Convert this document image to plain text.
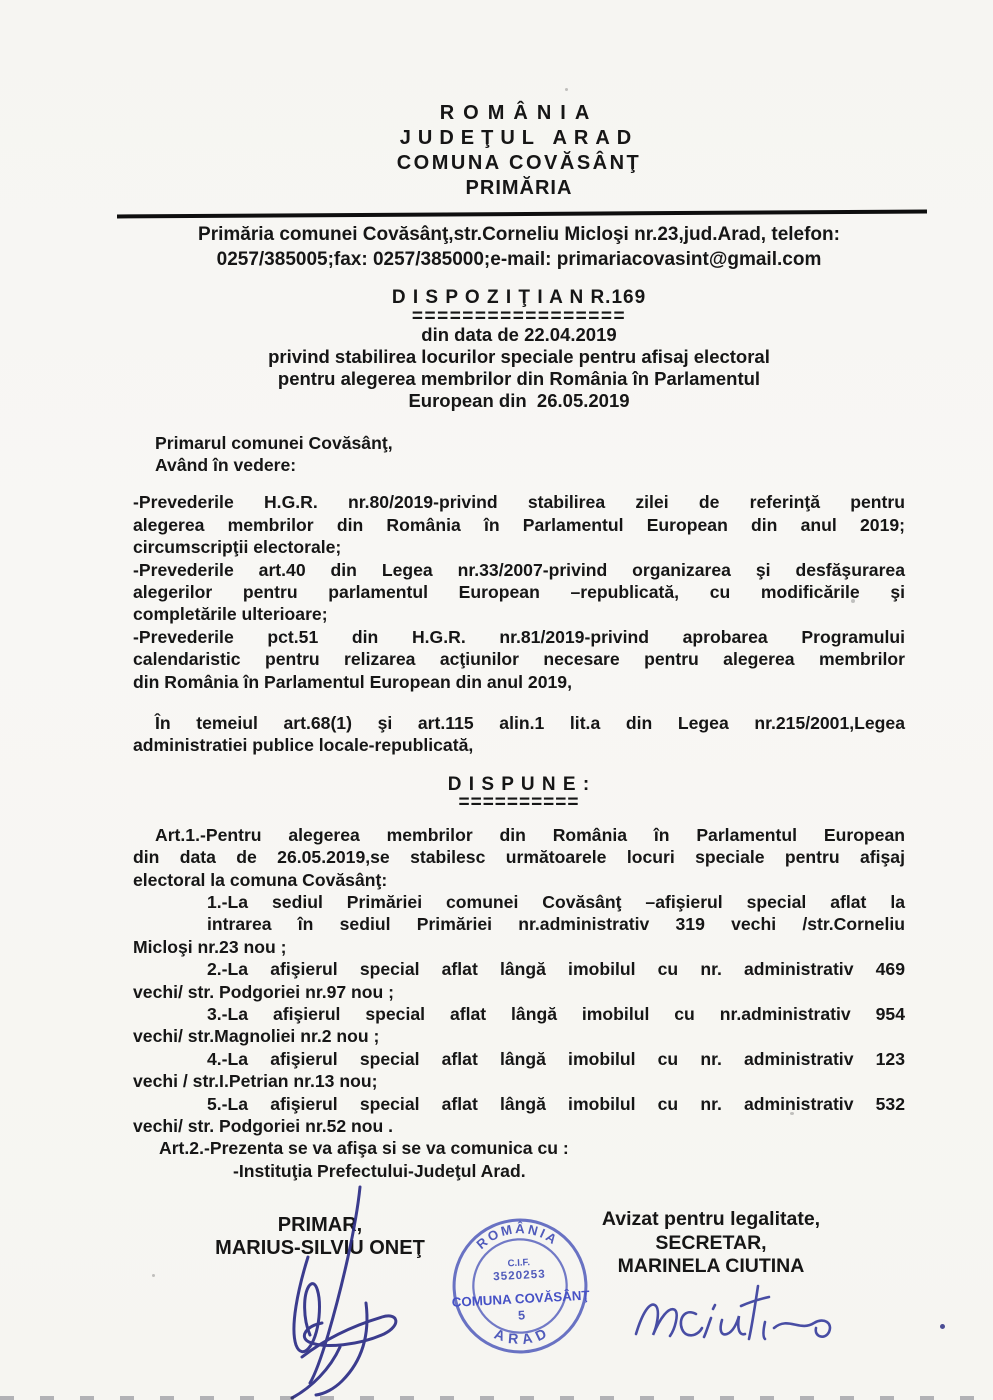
ROMÂNIA
JUDEŢUL ARAD
COMUNA COVĂSÂNŢ
PRIMĂRIA
Primăria comunei Covăsânţ,str.Corneliu Micloşi nr.23,jud.Arad, telefon:
0257/385005;fax: 0257/385000;e-mail: primariacovasint@gmail.com
D I S P O Z I Ţ I A N R.169
=================
din data de 22.04.2019
privind stabilirea locurilor speciale pentru afisaj electoral
pentru alegerea membrilor din România în Parlamentul
European din  26.05.2019
Primarul comunei Covăsânţ,
Având în vedere:
-Prevederile H.G.R. nr.80/2019-privind stabilirea zilei de referinţă pentru
alegerea membrilor din România în Parlamentul European din anul 2019;
circumscripţii electorale;
-Prevederile art.40 din Legea nr.33/2007-privind organizarea şi desfăşurarea
alegerilor pentru parlamentul European –republicată, cu modificările şi
completările ulterioare;
-Prevederile pct.51 din H.G.R. nr.81/2019-privind aprobarea Programului
calendaristic pentru relizarea acţiunilor necesare pentru alegerea membrilor
din România în Parlamentul European din anul 2019,
În temeiul art.68(1) şi art.115 alin.1 lit.a din Legea nr.215/2001,Legea
administratiei publice locale-republicată,
D I S P U N E :
==========
Art.1.-Pentru alegerea membrilor din România în Parlamentul European
din data de 26.05.2019,se stabilesc următoarele locuri speciale pentru afişaj
electoral la comuna Covăsânţ:
1.-La sediul Primăriei comunei Covăsânţ –afişierul special aflat la
intrarea în sediul Primăriei nr.administrativ 319 vechi /str.Corneliu
Micloşi nr.23 nou ;
2.-La afişierul special aflat lângă imobilul cu nr. administrativ 469
vechi/ str. Podgoriei nr.97 nou ;
3.-La afişierul special aflat lângă imobilul cu nr.administrativ 954
vechi/ str.Magnoliei nr.2 nou ;
4.-La afişierul special aflat lângă imobilul cu nr. administrativ 123
vechi / str.I.Petrian nr.13 nou;
5.-La afişierul special aflat lângă imobilul cu nr. administrativ 532
vechi/ str. Podgoriei nr.52 nou .
Art.2.-Prezenta se va afişa si se va comunica cu :
-Instituţia Prefectului-Judeţul Arad.
PRIMAR,
MARIUS-SILVIU ONEŢ
Avizat pentru legalitate,
SECRETAR,
MARINELA CIUTINA
ROMÂNIA
ARAD
C.I.F.
3520253
COMUNA COVĂSÂNŢ
5
